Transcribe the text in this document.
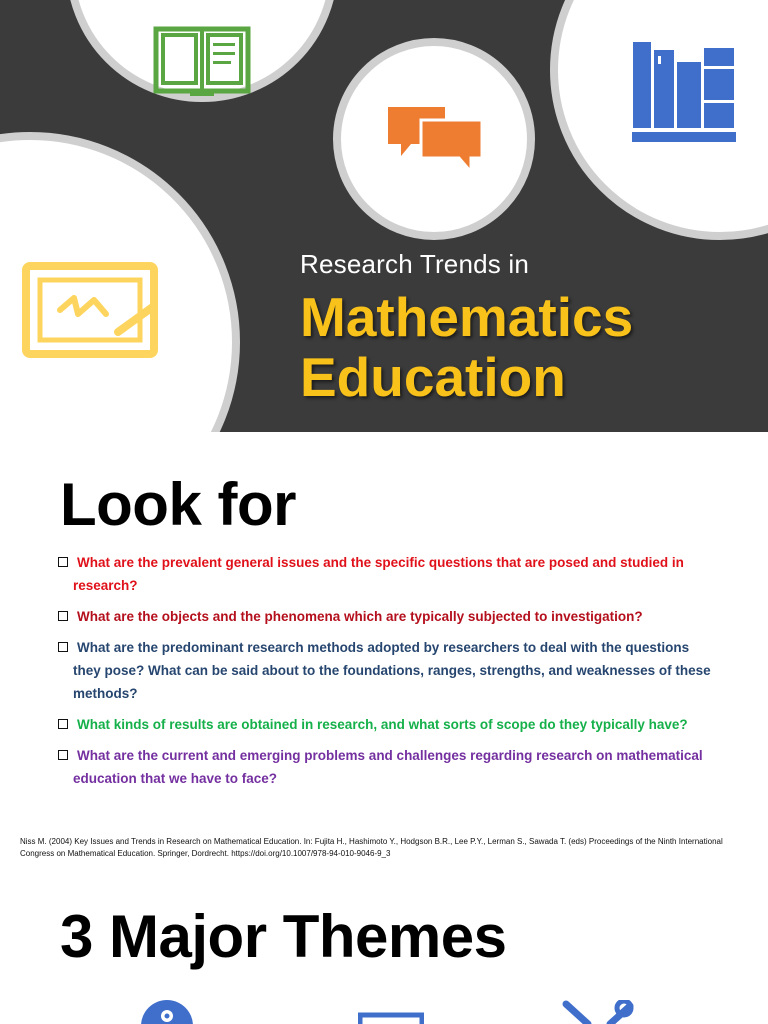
Research Trends in
Mathematics
Education
Look for
What are the prevalent general issues and the specific questions that are posed and studied in research?
What are the objects and the phenomena which are typically subjected to investigation?
What are the predominant research methods adopted by researchers to deal with the questions they pose? What can be said about to the foundations, ranges, strengths, and weaknesses of these methods?
What kinds of results are obtained in research, and what sorts of scope do they typically have?
What are the current and emerging problems and challenges regarding research on mathematical education that we have to face?

Niss M. (2004) Key Issues and Trends in Research on Mathematical Education. In: Fujita H., Hashimoto Y., Hodgson B.R., Lee P.Y., Lerman S., Sawada T. (eds) Proceedings of the Ninth International Congress on Mathematical Education. Springer, Dordrecht. https://doi.org/10.1007/978-94-010-9046-9_3

3 Major Themes
